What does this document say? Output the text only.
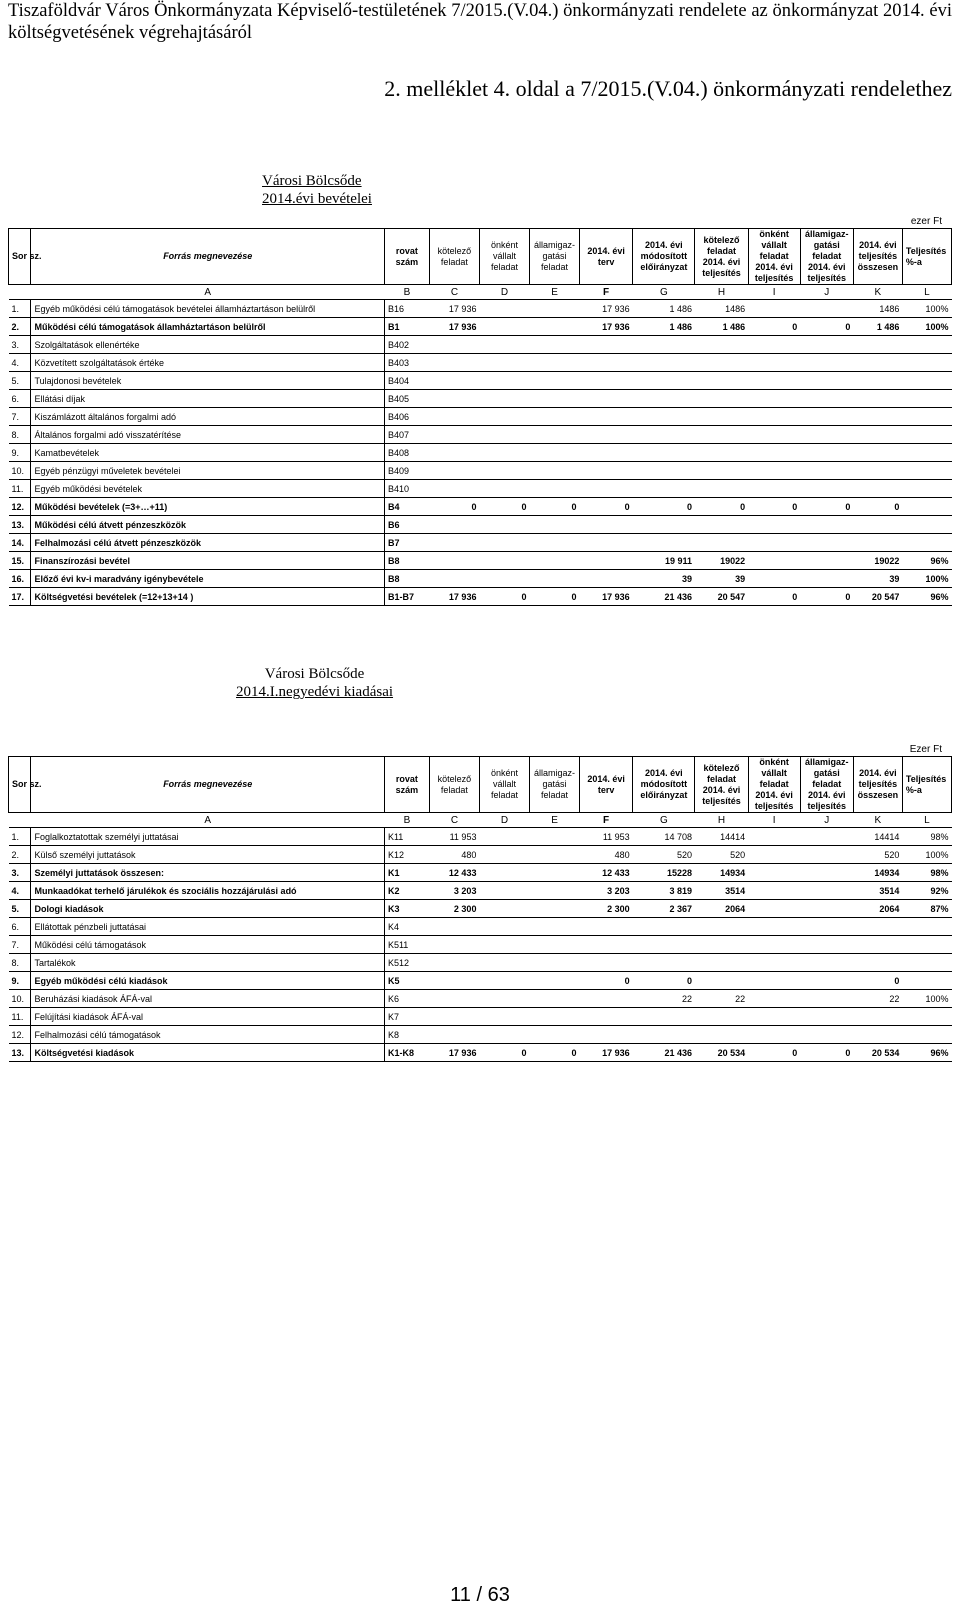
Tiszaföldvár Város Önkormányzata Képviselő-testületének 7/2015.(V.04.) önkormányzati rendelete az önkormányzat 2014. évi költségvetésének végrehajtásáról
2. melléklet 4. oldal a 7/2015.(V.04.) önkormányzati rendelethez
Városi Bölcsőde
2014.évi bevételei
ezer Ft
Sor sz.	Forrás megnevezése	rovat szám	kötelező feladat	önként vállalt feladat	államigaz-gatási feladat	2014. évi terv	2014. évi módosított előirányzat	kötelező feladat 2014. évi teljesítés	önként vállalt feladat 2014. évi teljesítés	államigaz-gatási feladat 2014. évi teljesítés	2014. évi teljesítés összesen	Teljesítés %-a
	A	B	C	D	E	F	G	H	I	J	K	L
1.	Egyéb működési célú támogatások bevételei államháztartáson belülről	B16	17 936			17 936	1 486	1486			1486	100%
2.	Működési célú támogatások államháztartáson belülről	B1	17 936			17 936	1 486	1 486	0	0	1 486	100%
3.	Szolgáltatások ellenértéke	B402										
4.	Közvetített szolgáltatások értéke	B403										
5.	Tulajdonosi bevételek	B404										
6.	Ellátási díjak	B405										
7.	Kiszámlázott általános forgalmi adó	B406										
8.	Általános forgalmi adó visszatérítése	B407										
9.	Kamatbevételek	B408										
10.	Egyéb pénzügyi műveletek bevételei	B409										
11.	Egyéb működési bevételek	B410										
12.	Működési bevételek (=3+…+11)	B4	0	0	0	0	0	0	0	0	0	
13.	Működési célú átvett pénzeszközök	B6										
14.	Felhalmozási célú átvett pénzeszközök	B7										
15.	Finanszírozási bevétel	B8					19 911	19022			19022	96%
16.	Előző évi kv-i maradvány igénybevétele	B8					39	39			39	100%
17.	Költségvetési bevételek (=12+13+14 )	B1-B7	17 936	0	0	17 936	21 436	20 547	0	0	20 547	96%
Városi Bölcsőde
2014.I.negyedévi kiadásai
Ezer Ft
Sor sz.	Forrás megnevezése	rovat szám	kötelező feladat	önként vállalt feladat	államigaz-gatási feladat	2014. évi terv	2014. évi módosított előirányzat	kötelező feladat 2014. évi teljesítés	önként vállalt feladat 2014. évi teljesítés	államigaz-gatási feladat 2014. évi teljesítés	2014. évi teljesítés összesen	Teljesítés %-a
	A	B	C	D	E	F	G	H	I	J	K	L
1.	Foglalkoztatottak személyi juttatásai	K11	11 953			11 953	14 708	14414			14414	98%
2.	Külső személyi juttatások	K12	480			480	520	520			520	100%
3.	Személyi juttatások összesen:	K1	12 433			12 433	15228	14934			14934	98%
4.	Munkaadókat terhelő járulékok és szociális hozzájárulási adó	K2	3 203			3 203	3 819	3514			3514	92%
5.	Dologi kiadások	K3	2 300			2 300	2 367	2064			2064	87%
6.	Ellátottak pénzbeli juttatásai	K4										
7.	Működési célú támogatások	K511										
8.	Tartalékok	K512										
9.	Egyéb működési célú kiadások	K5				0	0				0	
10.	Beruházási kiadások ÁFÁ-val	K6					22	22			22	100%
11.	Felújítási kiadások ÁFÁ-val	K7										
12.	Felhalmozási célú támogatások	K8										
13.	Költségvetési kiadások	K1-K8	17 936	0	0	17 936	21 436	20 534	0	0	20 534	96%
11 / 63
